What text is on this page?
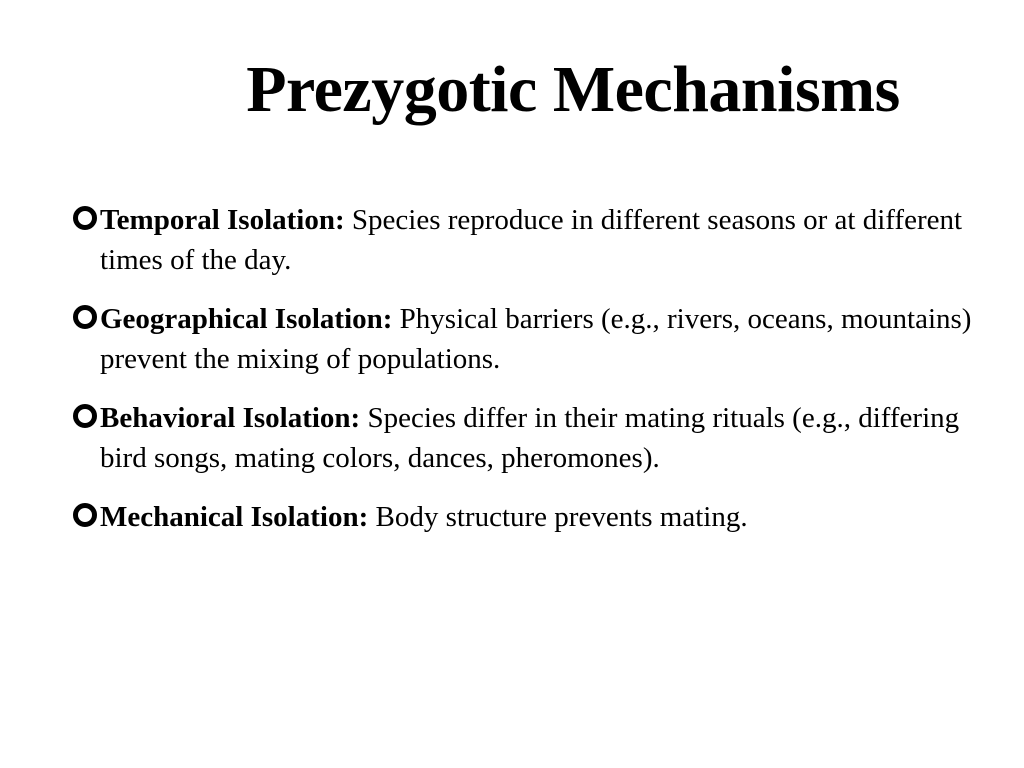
Prezygotic Mechanisms
Temporal Isolation: Species reproduce in different seasons or at different times of the day.
Geographical Isolation: Physical barriers (e.g., rivers, oceans, mountains) prevent the mixing of populations.
Behavioral Isolation: Species differ in their mating rituals (e.g., differing bird songs, mating colors, dances, pheromones).
Mechanical Isolation: Body structure prevents mating.
